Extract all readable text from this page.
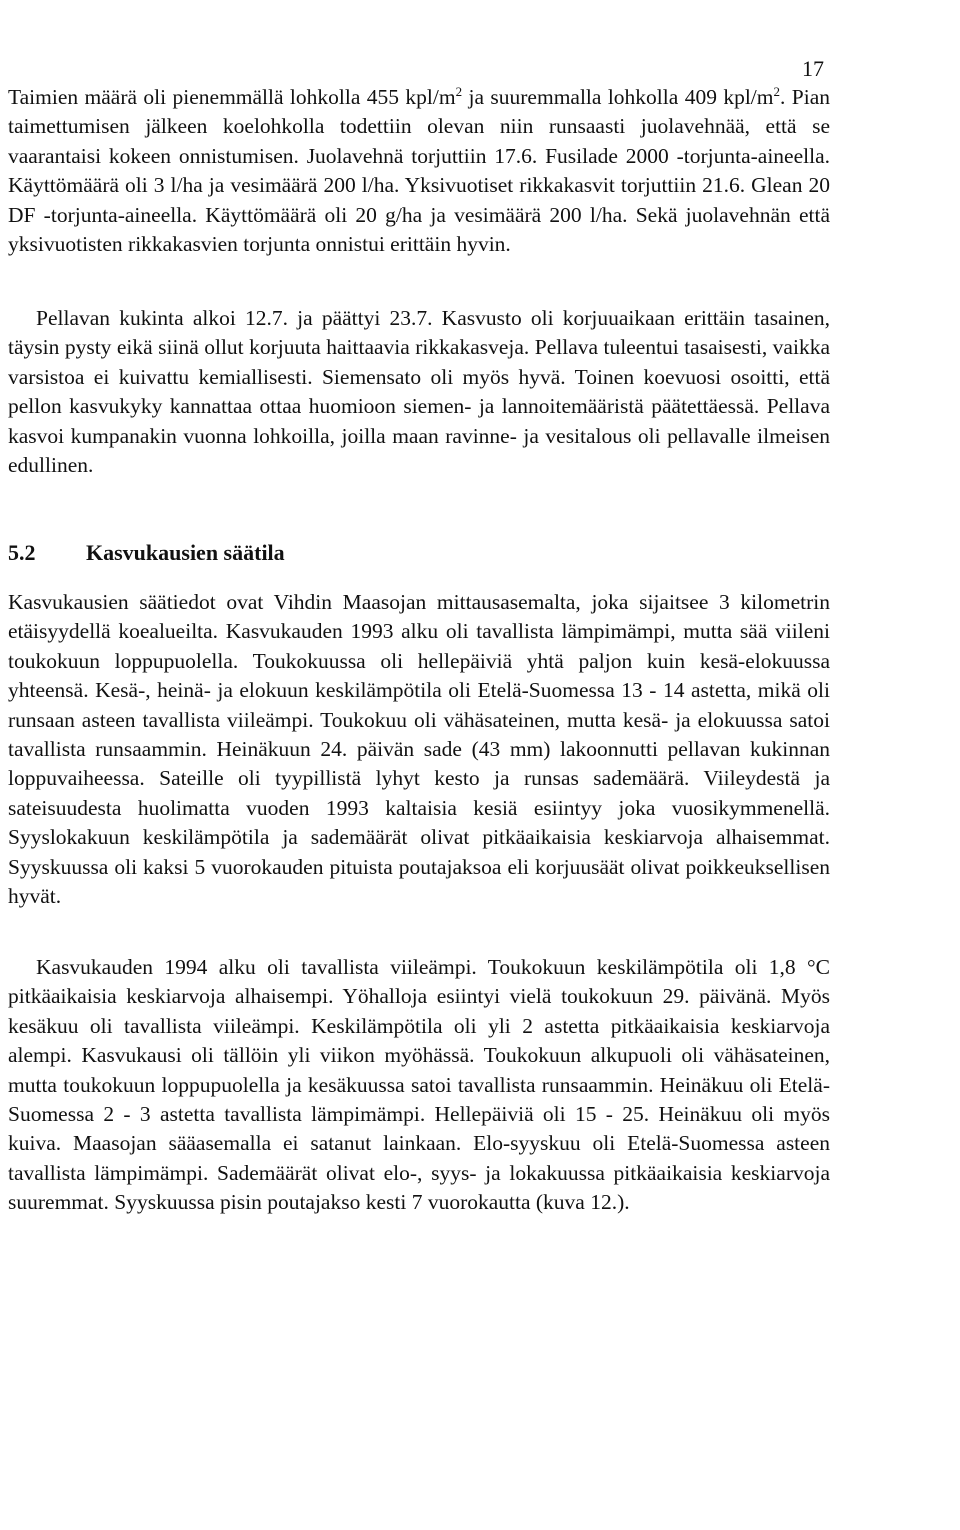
17

Taimien määrä oli pienemmällä lohkolla 455 kpl/$m^2$ ja suuremmalla lohkolla 409 kpl/$m^2$. Pian taimettumisen jälkeen koelohkolla todettiin olevan niin runsaasti juolavehnää, että se vaarantaisi kokeen onnistumisen. Juolavehnä torjuttiin 17.6. Fusilade 2000 -torjunta-aineella. Käyttömäärä oli 3 l/ha ja vesimäärä 200 l/ha. Yksivuotiset rikkakasvit torjuttiin 21.6. Glean 20 DF -torjunta-aineella. Käyttömäärä oli 20 g/ha ja vesimäärä 200 l/ha. Sekä juolavehnän että yksivuotisten rikkakasvien torjunta onnistui erittäin hyvin.

Pellavan kukinta alkoi 12.7. ja päättyi 23.7. Kasvusto oli korjuuaikaan erittäin tasainen, täysin pysty eikä siinä ollut korjuuta haittaavia rikkakasveja. Pellava tuleentui tasaisesti, vaikka varsistoa ei kuivattu kemiallisesti. Siemensato oli myös hyvä. Toinen koevuosi osoitti, että pellon kasvukyky kannattaa ottaa huomioon siemen- ja lannoitemääristä päätettäessä. Pellava kasvoi kumpanakin vuonna lohkoilla, joilla maan ravinne- ja vesitalous oli pellavalle ilmeisen edullinen.

5.2 Kasvukausien säätila

Kasvukausien säätiedot ovat Vihdin Maasojan mittausasemalta, joka sijaitsee 3 kilometrin etäisyydellä koealueilta. Kasvukauden 1993 alku oli tavallista lämpimämpi, mutta sää viileni toukokuun loppupuolella. Toukokuussa oli hellepäiviä yhtä paljon kuin kesä-elokuussa yhteensä. Kesä-, heinä- ja elokuun keskilämpötila oli Etelä-Suomessa 13 - 14 astetta, mikä oli runsaan asteen tavallista viileämpi. Toukokuu oli vähäsateinen, mutta kesä- ja elokuussa satoi tavallista runsaammin. Heinäkuun 24. päivän sade (43 mm) lakoonnutti pellavan kukinnan loppuvaiheessa. Sateille oli tyypillistä lyhyt kesto ja runsas sademäärä. Viileydestä ja sateisuudesta huolimatta vuoden 1993 kaltaisia kesiä esiintyy joka vuosikymmenellä. Syyslokakuun keskilämpötila ja sademäärät olivat pitkäaikaisia keskiarvoja alhaisemmat. Syyskuussa oli kaksi 5 vuorokauden pituista poutajaksoa eli korjuusäät olivat poikkeuksellisen hyvät.

Kasvukauden 1994 alku oli tavallista viileämpi. Toukokuun keskilämpötila oli 1,8 °C pitkäaikaisia keskiarvoja alhaisempi. Yöhalloja esiintyi vielä toukokuun 29. päivänä. Myös kesäkuu oli tavallista viileämpi. Keskilämpötila oli yli 2 astetta pitkäaikaisia keskiarvoja alempi. Kasvukausi oli tällöin yli viikon myöhässä. Toukokuun alkupuoli oli vähäsateinen, mutta toukokuun loppupuolella ja kesäkuussa satoi tavallista runsaammin. Heinäkuu oli Etelä-Suomessa 2 - 3 astetta tavallista lämpimämpi. Hellepäiviä oli 15 - 25. Heinäkuu oli myös kuiva. Maasojan sääasemalla ei satanut lainkaan. Elo-syyskuu oli Etelä-Suomessa asteen tavallista lämpimämpi. Sademäärät olivat elo-, syys- ja lokakuussa pitkäaikaisia keskiarvoja suuremmat. Syyskuussa pisin poutajakso kesti 7 vuorokautta (kuva 12.).
